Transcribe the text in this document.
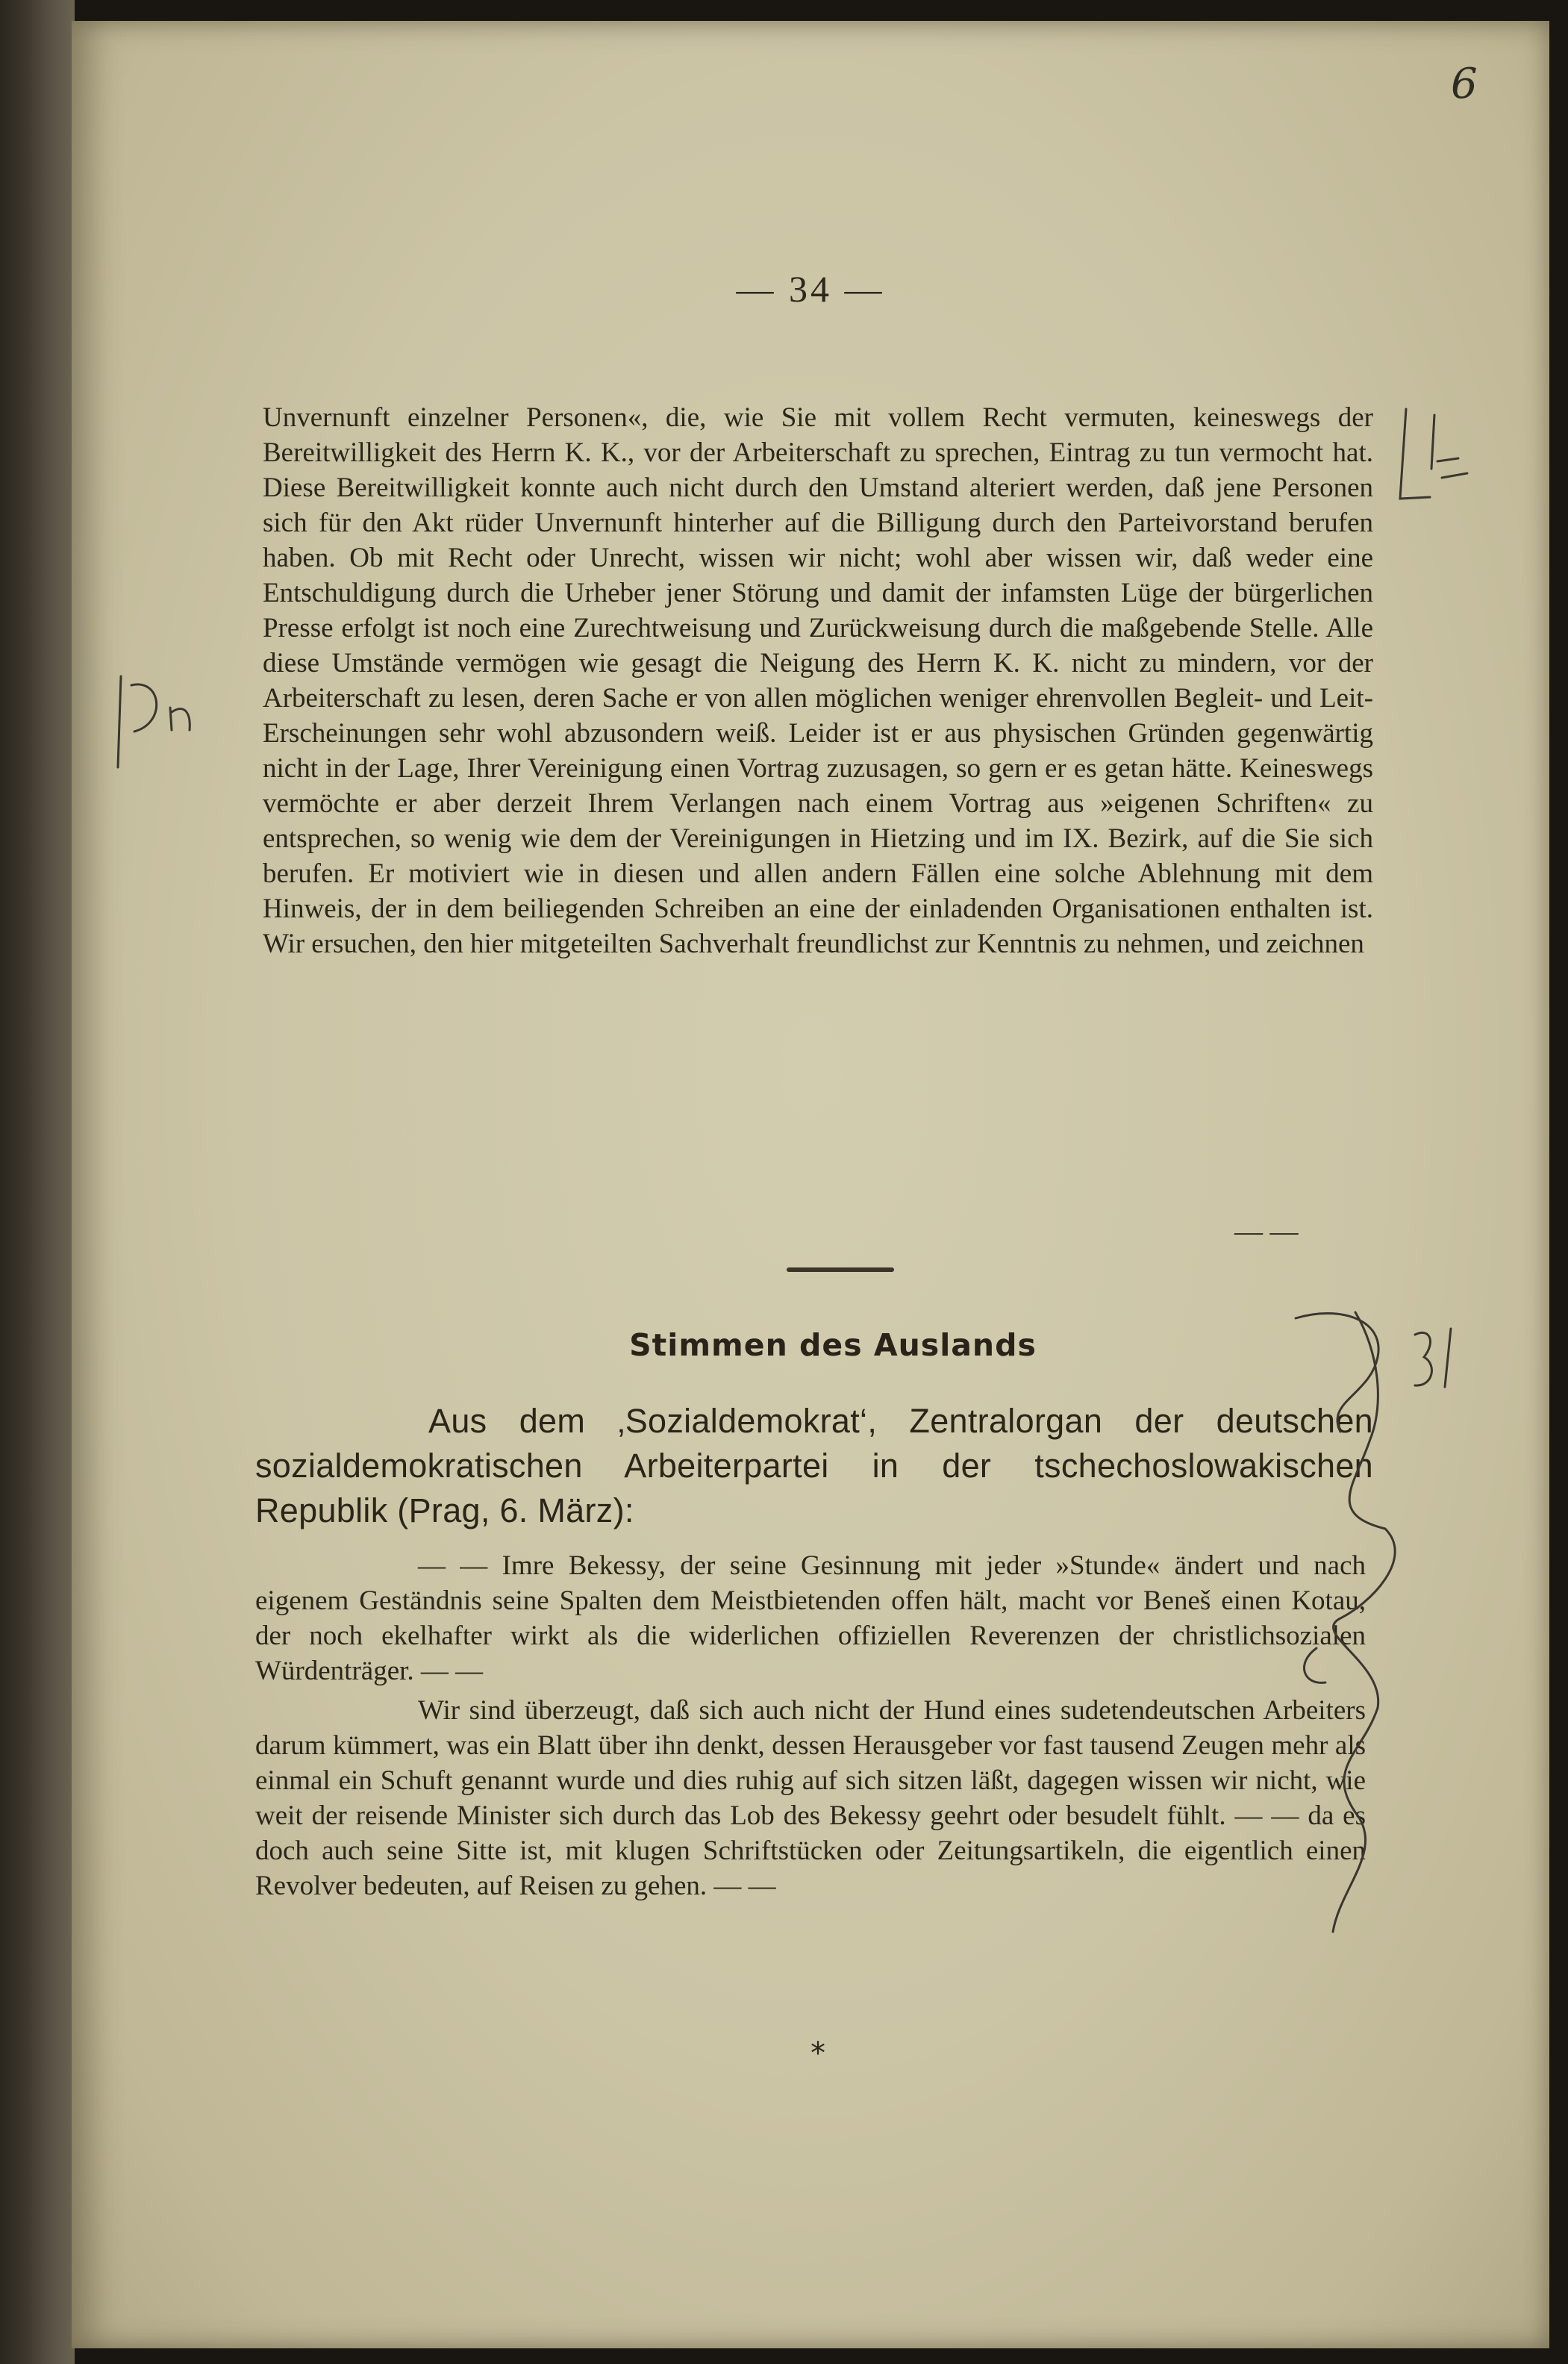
6
— 34 —

Unvernunft einzelner Personen«, die, wie Sie mit vollem Recht vermuten, keineswegs der Bereitwilligkeit des Herrn K. K., vor der Arbeiterschaft zu sprechen, Eintrag zu tun vermocht hat. Diese Bereitwilligkeit konnte auch nicht durch den Umstand alteriert werden, daß jene Personen sich für den Akt rüder Unvernunft hinterher auf die Billigung durch den Parteivorstand berufen haben. Ob mit Recht oder Unrecht, wissen wir nicht; wohl aber wissen wir, daß weder eine Entschuldigung durch die Urheber jener Störung und damit der infamsten Lüge der bürgerlichen Presse erfolgt ist noch eine Zurechtweisung und Zurückweisung durch die maßgebende Stelle. Alle diese Umstände vermögen wie gesagt die Neigung des Herrn K. K. nicht zu mindern, vor der Arbeiterschaft zu lesen, deren Sache er von allen möglichen weniger ehrenvollen Begleit- und Leit-Erscheinungen sehr wohl abzusondern weiß. Leider ist er aus physischen Gründen gegenwärtig nicht in der Lage, Ihrer Vereinigung einen Vortrag zuzusagen, so gern er es getan hätte. Keineswegs vermöchte er aber derzeit Ihrem Verlangen nach einem Vortrag aus »eigenen Schriften« zu entsprechen, so wenig wie dem der Vereinigungen in Hietzing und im IX. Bezirk, auf die Sie sich berufen. Er motiviert wie in diesen und allen andern Fällen eine solche Ablehnung mit dem Hinweis, der in dem beiliegenden Schreiben an eine der einladenden Organisationen enthalten ist. Wir ersuchen, den hier mitgeteilten Sachverhalt freundlichst zur Kenntnis zu nehmen, und zeichnen

— —
Stimmen des Auslands

Aus dem ‚Sozialdemokrat‘, Zentralorgan der deutschen sozialdemokratischen Arbeiterpartei in der tschechoslowakischen Republik (Prag, 6. März):

— — Imre Bekessy, der seine Gesinnung mit jeder »Stunde« ändert und nach eigenem Geständnis seine Spalten dem Meistbietenden offen hält, macht vor Beneš einen Kotau, der noch ekelhafter wirkt als die widerlichen offiziellen Reverenzen der christlichsozialen Würdenträger. — —

Wir sind überzeugt, daß sich auch nicht der Hund eines sudetendeutschen Arbeiters darum kümmert, was ein Blatt über ihn denkt, dessen Herausgeber vor fast tausend Zeugen mehr als einmal ein Schuft genannt wurde und dies ruhig auf sich sitzen läßt, dagegen wissen wir nicht, wie weit der reisende Minister sich durch das Lob des Bekessy geehrt oder besudelt fühlt. — — da es doch auch seine Sitte ist, mit klugen Schriftstücken oder Zeitungsartikeln, die eigentlich einen Revolver bedeuten, auf Reisen zu gehen. — —

*
